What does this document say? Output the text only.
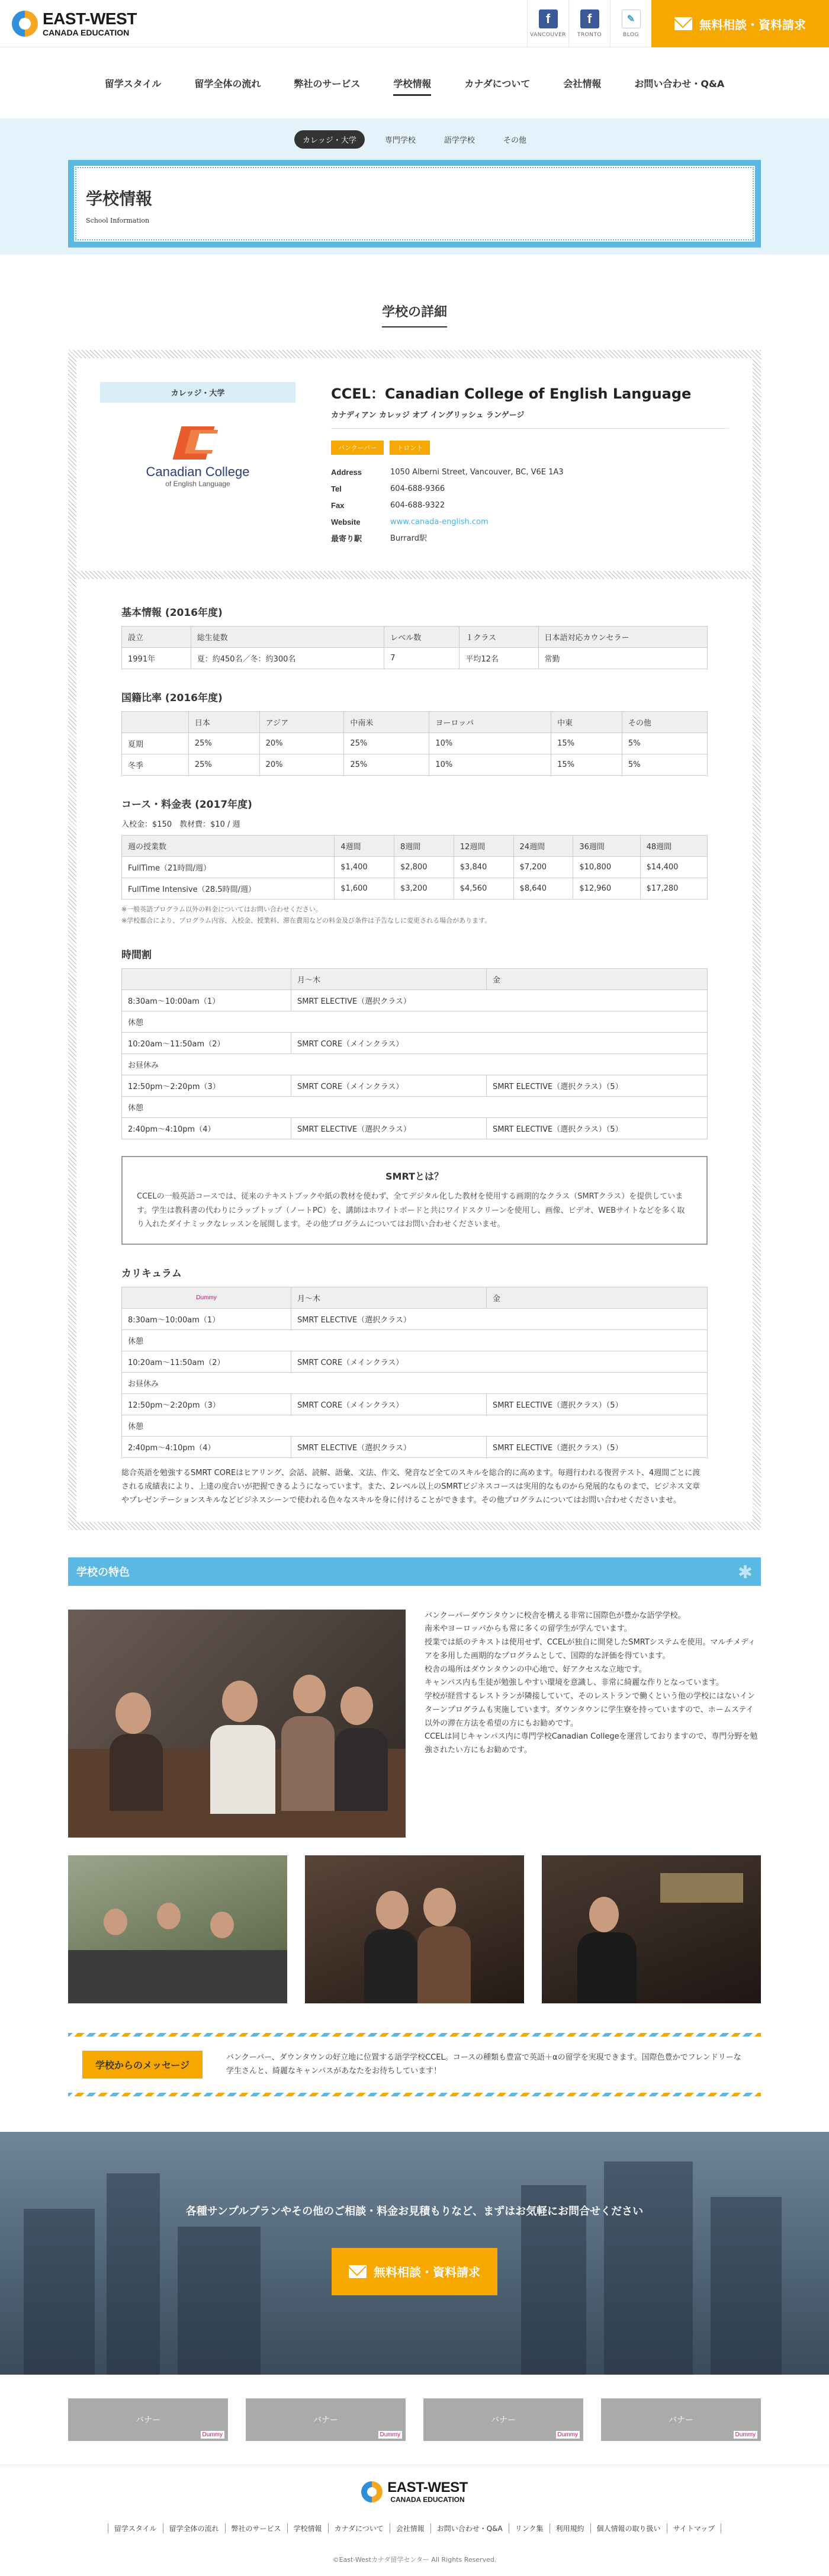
EAST-WEST
CANADA EDUCATION
f
VANCOUVER
f
TRONTO
✎
BLOG
無料相談・資料請求
留学スタイル	留学全体の流れ	弊社のサービス	学校情報	カナダについて	会社情報	お問い合わせ・Q&A
カレッジ・大学	専門学校	語学学校	その他
学校情報
School Information
学校の詳細
カレッジ・大学
Canadian College
of English Language
CCEL：Canadian College of English Language
カナディアン カレッジ オブ イングリッシュ ランゲージ
バンクーバー	トロント
Address	1050 Alberni Street, Vancouver, BC, V6E 1A3
Tel	604-688-9366
Fax	604-688-9322
Website	www.canada-english.com
最寄り駅	Burrard駅
基本情報 (2016年度)
設立	総生徒数	レベル数	１クラス	日本語対応カウンセラー
1991年	夏：約450名／冬：約300名	7	平均12名	常勤
国籍比率 (2016年度)
	日本	アジア	中南米	ヨーロッパ	中東	その他
夏期	25%	20%	25%	10%	15%	5%
冬季	25%	20%	25%	10%	15%	5%
コース・料金表 (2017年度)
入校金：$150　教材費：$10 / 週
週の授業数	4週間	8週間	12週間	24週間	36週間	48週間
FullTime（21時間/週）	$1,400	$2,800	$3,840	$7,200	$10,800	$14,400
FullTime Intensive（28.5時間/週）	$1,600	$3,200	$4,560	$8,640	$12,960	$17,280
※一般英語プログラム以外の料金についてはお問い合わせください。
※学校都合により、プログラム内容、入校金、授業料、滞在費用などの料金及び条件は予告なしに変更される場合があります。
時間割
	月〜木	金
8:30am〜10:00am（1）	SMRT ELECTIVE（選択クラス）	
休憩		
10:20am〜11:50am（2）	SMRT CORE（メインクラス）	
お昼休み		
12:50pm〜2:20pm（3）	SMRT CORE（メインクラス）	SMRT ELECTIVE（選択クラス）（5）
休憩		
2:40pm〜4:10pm（4）	SMRT ELECTIVE（選択クラス）	SMRT ELECTIVE（選択クラス）（5）
SMRTとは？

CCELの一般英語コースでは、従来のテキストブックや紙の教材を使わず、全てデジタル化した教材を使用する画期的なクラス（SMRTクラス）を提供しています。学生は教科書の代わりにラップトップ（ノートPC）を、講師はホワイトボードと共にワイドスクリーンを使用し、画像、ビデオ、WEBサイトなどを多く取り入れたダイナミックなレッスンを展開します。その他プログラムについてはお問い合わせくださいませ。

カリキュラム
Dummy	月〜木	金
8:30am〜10:00am（1）	SMRT ELECTIVE（選択クラス）	
休憩		
10:20am〜11:50am（2）	SMRT CORE（メインクラス）	
お昼休み		
12:50pm〜2:20pm（3）	SMRT CORE（メインクラス）	SMRT ELECTIVE（選択クラス）（5）
休憩		
2:40pm〜4:10pm（4）	SMRT ELECTIVE（選択クラス）	SMRT ELECTIVE（選択クラス）（5）

総合英語を勉強するSMRT COREはヒアリング、会話、読解、語彙、文法、作文、発音など全てのスキルを総合的に高めます。毎週行われる復習テスト、4週間ごとに渡される成績表により、上達の度合いが把握できるようになっています。また、2レベル以上のSMRTビジネスコースは実用的なものから発展的なものまで、ビジネス文章やプレゼンテーションスキルなどビジネスシーンで使われる色々なスキルを身に付けることができます。その他プログラムについてはお問い合わせくださいませ。

学校の特色	✱

バンクーバーダウンタウンに校舎を構える非常に国際色が豊かな語学学校。

南米やヨーロッパからも常に多くの留学生が学んでいます。

授業では紙のテキストは使用せず、CCELが独自に開発したSMRTシステムを使用。マルチメディアを多用した画期的なプログラムとして、国際的な評価を得ています。

校舎の場所はダウンタウンの中心地で、好アクセスな立地です。

キャンパス内も生徒が勉強しやすい環境を意識し、非常に綺麗な作りとなっています。

学校が経営するレストランが隣接していて、そのレストランで働くという他の学校にはないインターンプログラムも実施しています。ダウンタウンに学生寮を持っていますので、ホームステイ以外の滞在方法を希望の方にもお勧めです。

CCELは同じキャンパス内に専門学校Canadian Collegeを運営しておりますので、専門分野を勉強されたい方にもお勧めです。

学校からのメッセージ
バンクーバー、ダウンタウンの好立地に位置する語学学校CCEL。コースの種類も豊富で英語＋αの留学を実現できます。国際色豊かでフレンドリーな学生さんと、綺麗なキャンパスがあなたをお待ちしています！
各種サンプルプランやその他のご相談・料金お見積もりなど、まずはお気軽にお問合せください
無料相談・資料請求
バナー
Dummy
バナー
Dummy
バナー
Dummy
バナー
Dummy
EAST-WEST
CANADA EDUCATION
留学スタイル	留学全体の流れ	弊社のサービス	学校情報	カナダについて	会社情報	お問い合わせ・Q&A	リンク集	利用規約	個人情報の取り扱い	サイトマップ
©East-Westカナダ留学センター All Rights Reserved.
